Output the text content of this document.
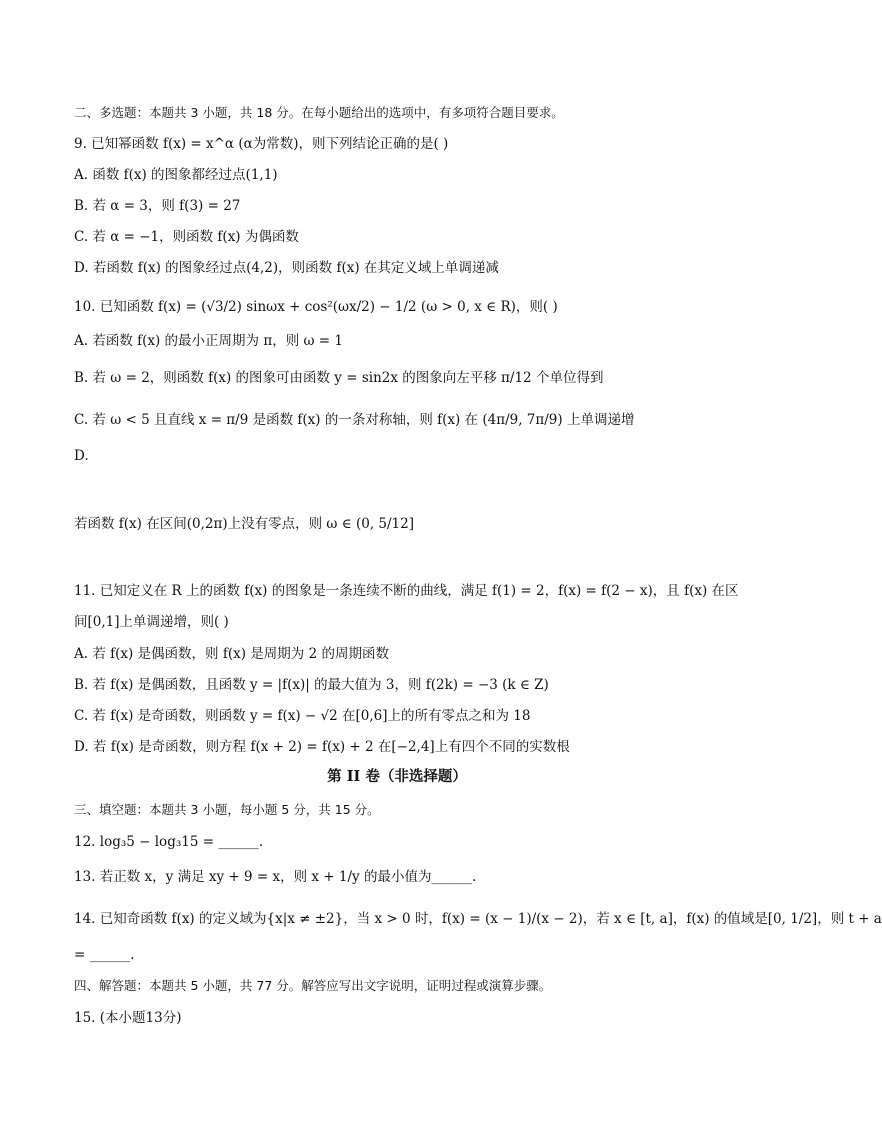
二、多选题：本题共 3 小题，共 18 分。在每小题给出的选项中，有多项符合题目要求。
9. 已知幂函数 f(x) = x^α (α为常数)，则下列结论正确的是( )
A. 函数 f(x) 的图象都经过点(1,1)
B. 若 α = 3，则 f(3) = 27
C. 若 α = −1，则函数 f(x) 为偶函数
D. 若函数 f(x) 的图象经过点(4,2)，则函数 f(x) 在其定义域上单调递减
10. 已知函数 f(x) = (√3/2) sinωx + cos²(ωx/2) − 1/2 (ω > 0, x ∈ R)，则( )
A. 若函数 f(x) 的最小正周期为 π，则 ω = 1
B. 若 ω = 2，则函数 f(x) 的图象可由函数 y = sin2x 的图象向左平移 π/12 个单位得到
C. 若 ω < 5 且直线 x = π/9 是函数 f(x) 的一条对称轴，则 f(x) 在 (4π/9, 7π/9) 上单调递增
D.
若函数 f(x) 在区间(0,2π)上没有零点，则 ω ∈ (0, 5/12]
11. 已知定义在 R 上的函数 f(x) 的图象是一条连续不断的曲线，满足 f(1) = 2，f(x) = f(2 − x)，且 f(x) 在区
间[0,1]上单调递增，则( )
A. 若 f(x) 是偶函数，则 f(x) 是周期为 2 的周期函数
B. 若 f(x) 是偶函数，且函数 y = |f(x)| 的最大值为 3，则 f(2k) = −3 (k ∈ Z)
C. 若 f(x) 是奇函数，则函数 y = f(x) − √2 在[0,6]上的所有零点之和为 18
D. 若 f(x) 是奇函数，则方程 f(x + 2) = f(x) + 2 在[−2,4]上有四个不同的实数根
第 II 卷（非选择题）
三、填空题：本题共 3 小题，每小题 5 分，共 15 分。
12. log₃5 − log₃15 = ______.
13. 若正数 x，y 满足 xy + 9 = x，则 x + 1/y 的最小值为______.
14. 已知奇函数 f(x) 的定义域为{x|x ≠ ±2}，当 x > 0 时，f(x) = (x − 1)/(x − 2)，若 x ∈ [t, a]，f(x) 的值域是[0, 1/2]，则 t + a
= ______.
四、解答题：本题共 5 小题，共 77 分。解答应写出文字说明，证明过程或演算步骤。
15. (本小题13分)
